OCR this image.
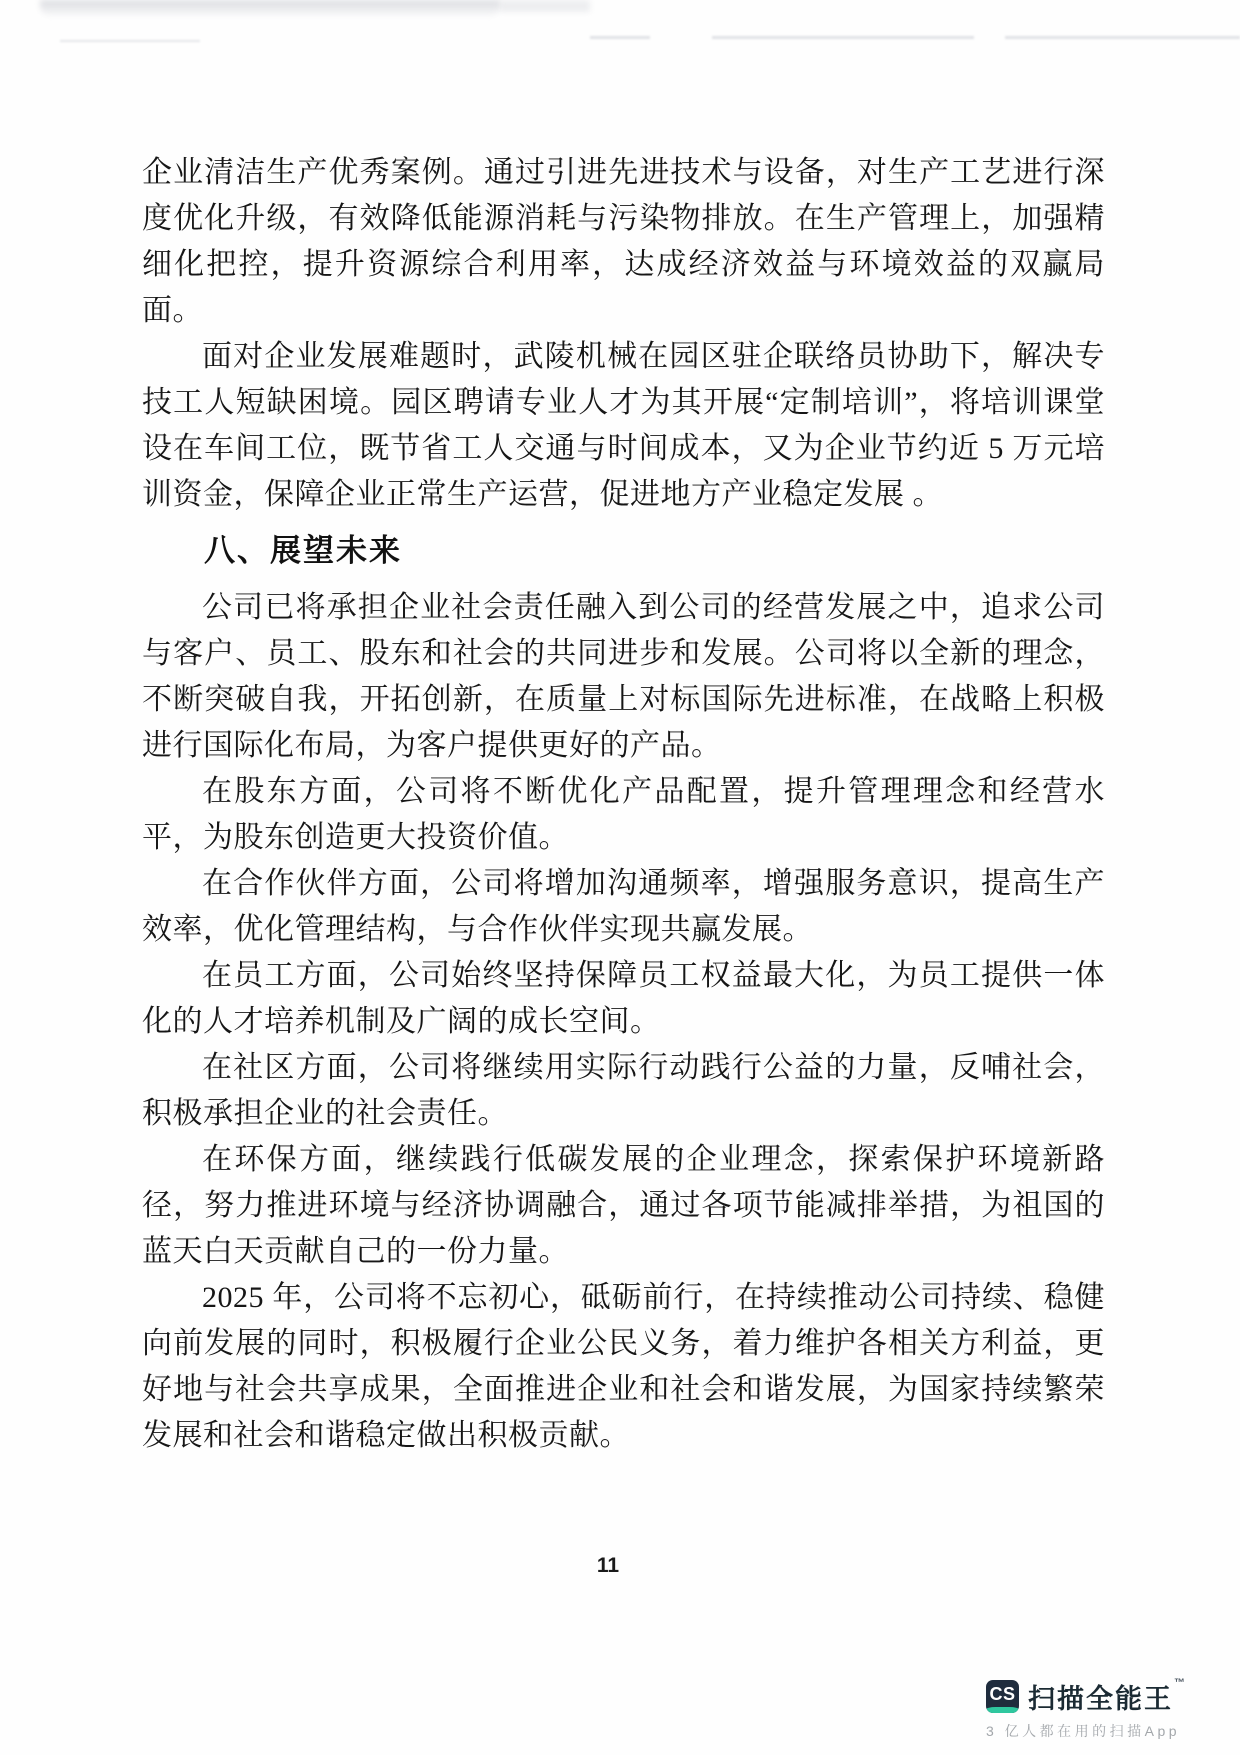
企业清洁生产优秀案例。通过引进先进技术与设备，对生产工艺进行深度优化升级，有效降低能源消耗与污染物排放。在生产管理上，加强精细化把控，提升资源综合利用率，达成经济效益与环境效益的双赢局面。

面对企业发展难题时，武陵机械在园区驻企联络员协助下，解决专技工人短缺困境。园区聘请专业人才为其开展“定制培训”，将培训课堂设在车间工位，既节省工人交通与时间成本，又为企业节约近 5 万元培训资金，保障企业正常生产运营，促进地方产业稳定发展 。

八、展望未来

公司已将承担企业社会责任融入到公司的经营发展之中，追求公司与客户、员工、股东和社会的共同进步和发展。公司将以全新的理念，不断突破自我，开拓创新，在质量上对标国际先进标准，在战略上积极进行国际化布局，为客户提供更好的产品。

在股东方面，公司将不断优化产品配置，提升管理理念和经营水平，为股东创造更大投资价值。

在合作伙伴方面，公司将增加沟通频率，增强服务意识，提高生产效率，优化管理结构，与合作伙伴实现共赢发展。

在员工方面，公司始终坚持保障员工权益最大化，为员工提供一体化的人才培养机制及广阔的成长空间。

在社区方面，公司将继续用实际行动践行公益的力量，反哺社会，积极承担企业的社会责任。

在环保方面，继续践行低碳发展的企业理念，探索保护环境新路径，努力推进环境与经济协调融合，通过各项节能减排举措，为祖国的蓝天白天贡献自己的一份力量。

2025 年，公司将不忘初心，砥砺前行，在持续推动公司持续、稳健向前发展的同时，积极履行企业公民义务，着力维护各相关方利益，更好地与社会共享成果，全面推进企业和社会和谐发展，为国家持续繁荣发展和社会和谐稳定做出积极贡献。

11
CS 扫描全能王™
3 亿人都在用的扫描App
